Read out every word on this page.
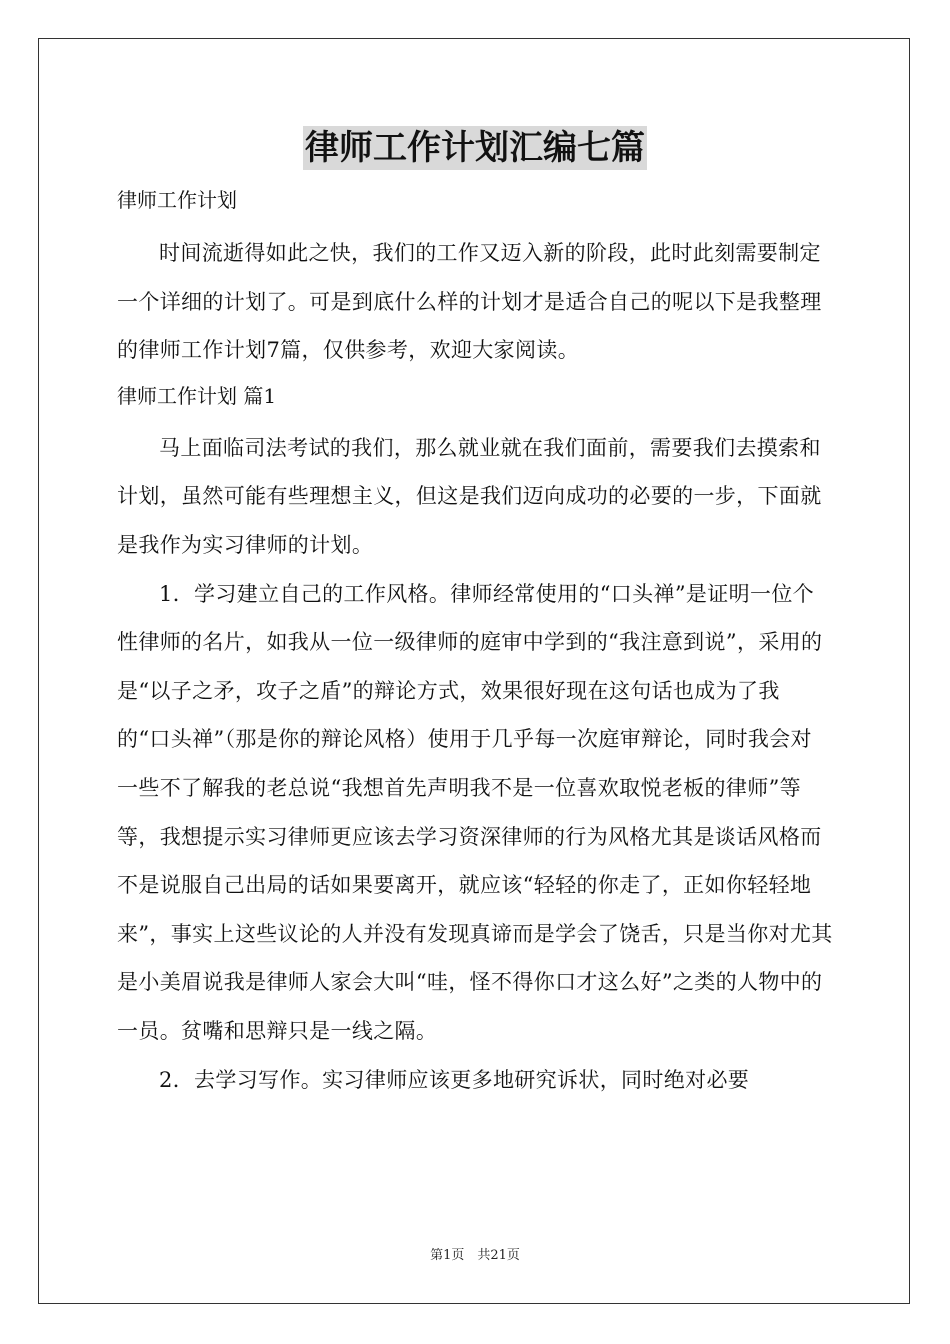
律师工作计划汇编七篇

律师工作计划

时间流逝得如此之快，我们的工作又迈入新的阶段，此时此刻需要制定一个详细的计划了。可是到底什么样的计划才是适合自己的呢以下是我整理的律师工作计划7篇，仅供参考，欢迎大家阅读。

律师工作计划 篇1

马上面临司法考试的我们，那么就业就在我们面前，需要我们去摸索和计划，虽然可能有些理想主义，但这是我们迈向成功的必要的一步，下面就是我作为实习律师的计划。

1．学习建立自己的工作风格。律师经常使用的“口头禅”是证明一位个性律师的名片，如我从一位一级律师的庭审中学到的“我注意到说”，采用的是“以子之矛，攻子之盾”的辩论方式，效果很好现在这句话也成为了我的“口头禅”（那是你的辩论风格）使用于几乎每一次庭审辩论，同时我会对一些不了解我的老总说“我想首先声明我不是一位喜欢取悦老板的律师”等等，我想提示实习律师更应该去学习资深律师的行为风格尤其是谈话风格而不是说服自己出局的话如果要离开，就应该“轻轻的你走了，正如你轻轻地来”，事实上这些议论的人并没有发现真谛而是学会了饶舌，只是当你对尤其是小美眉说我是律师人家会大叫“哇，怪不得你口才这么好”之类的人物中的一员。贫嘴和思辩只是一线之隔。

2．去学习写作。实习律师应该更多地研究诉状，同时绝对必要

第1页　共21页
